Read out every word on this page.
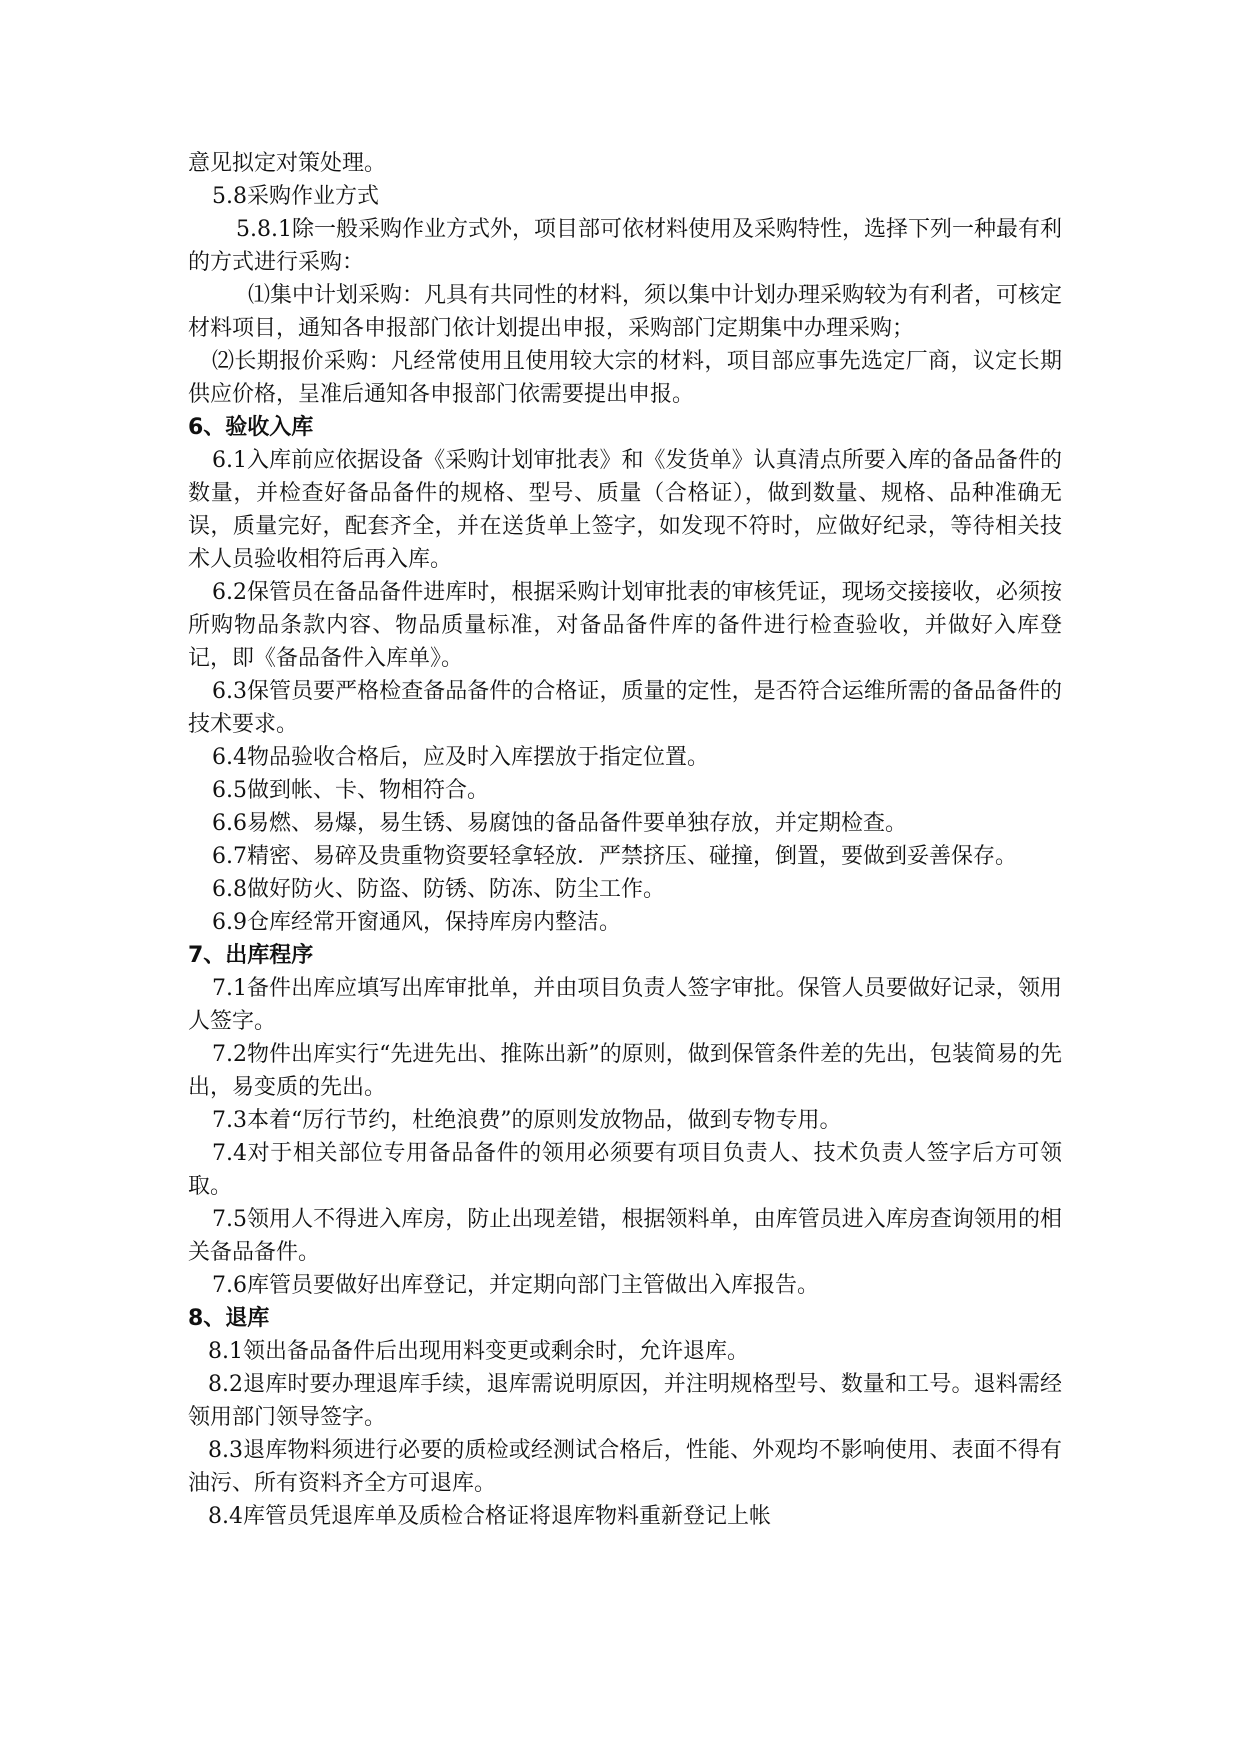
意见拟定对策处理。

5.8采购作业方式

5.8.1除一般采购作业方式外，项目部可依材料使用及采购特性，选择下列一种最有利的方式进行采购：

⑴集中计划采购：凡具有共同性的材料，须以集中计划办理采购较为有利者，可核定材料项目，通知各申报部门依计划提出申报，采购部门定期集中办理采购；

⑵长期报价采购：凡经常使用且使用较大宗的材料，项目部应事先选定厂商，议定长期供应价格，呈准后通知各申报部门依需要提出申报。

6、验收入库

6.1入库前应依据设备《采购计划审批表》和《发货单》认真清点所要入库的备品备件的数量，并检查好备品备件的规格、型号、质量（合格证），做到数量、规格、品种准确无误，质量完好，配套齐全，并在送货单上签字，如发现不符时，应做好纪录，等待相关技术人员验收相符后再入库。

6.2保管员在备品备件进库时，根据采购计划审批表的审核凭证，现场交接接收，必须按所购物品条款内容、物品质量标准，对备品备件库的备件进行检查验收，并做好入库登记，即《备品备件入库单》。

6.3保管员要严格检查备品备件的合格证，质量的定性，是否符合运维所需的备品备件的技术要求。

6.4物品验收合格后，应及时入库摆放于指定位置。

6.5做到帐、卡、物相符合。

6.6易燃、易爆，易生锈、易腐蚀的备品备件要单独存放，并定期检查。

6.7精密、易碎及贵重物资要轻拿轻放．严禁挤压、碰撞，倒置，要做到妥善保存。

6.8做好防火、防盗、防锈、防冻、防尘工作。

6.9仓库经常开窗通风，保持库房内整洁。

7、出库程序

7.1备件出库应填写出库审批单，并由项目负责人签字审批。保管人员要做好记录，领用人签字。

7.2物件出库实行“先进先出、推陈出新”的原则，做到保管条件差的先出，包装简易的先出，易变质的先出。

7.3本着“厉行节约，杜绝浪费”的原则发放物品，做到专物专用。

7.4对于相关部位专用备品备件的领用必须要有项目负责人、技术负责人签字后方可领取。

7.5领用人不得进入库房，防止出现差错，根据领料单，由库管员进入库房查询领用的相关备品备件。

7.6库管员要做好出库登记，并定期向部门主管做出入库报告。

8、退库

8.1领出备品备件后出现用料变更或剩余时，允许退库。

8.2退库时要办理退库手续，退库需说明原因，并注明规格型号、数量和工号。退料需经领用部门领导签字。

8.3退库物料须进行必要的质检或经测试合格后，性能、外观均不影响使用、表面不得有油污、所有资料齐全方可退库。

8.4库管员凭退库单及质检合格证将退库物料重新登记上帐
